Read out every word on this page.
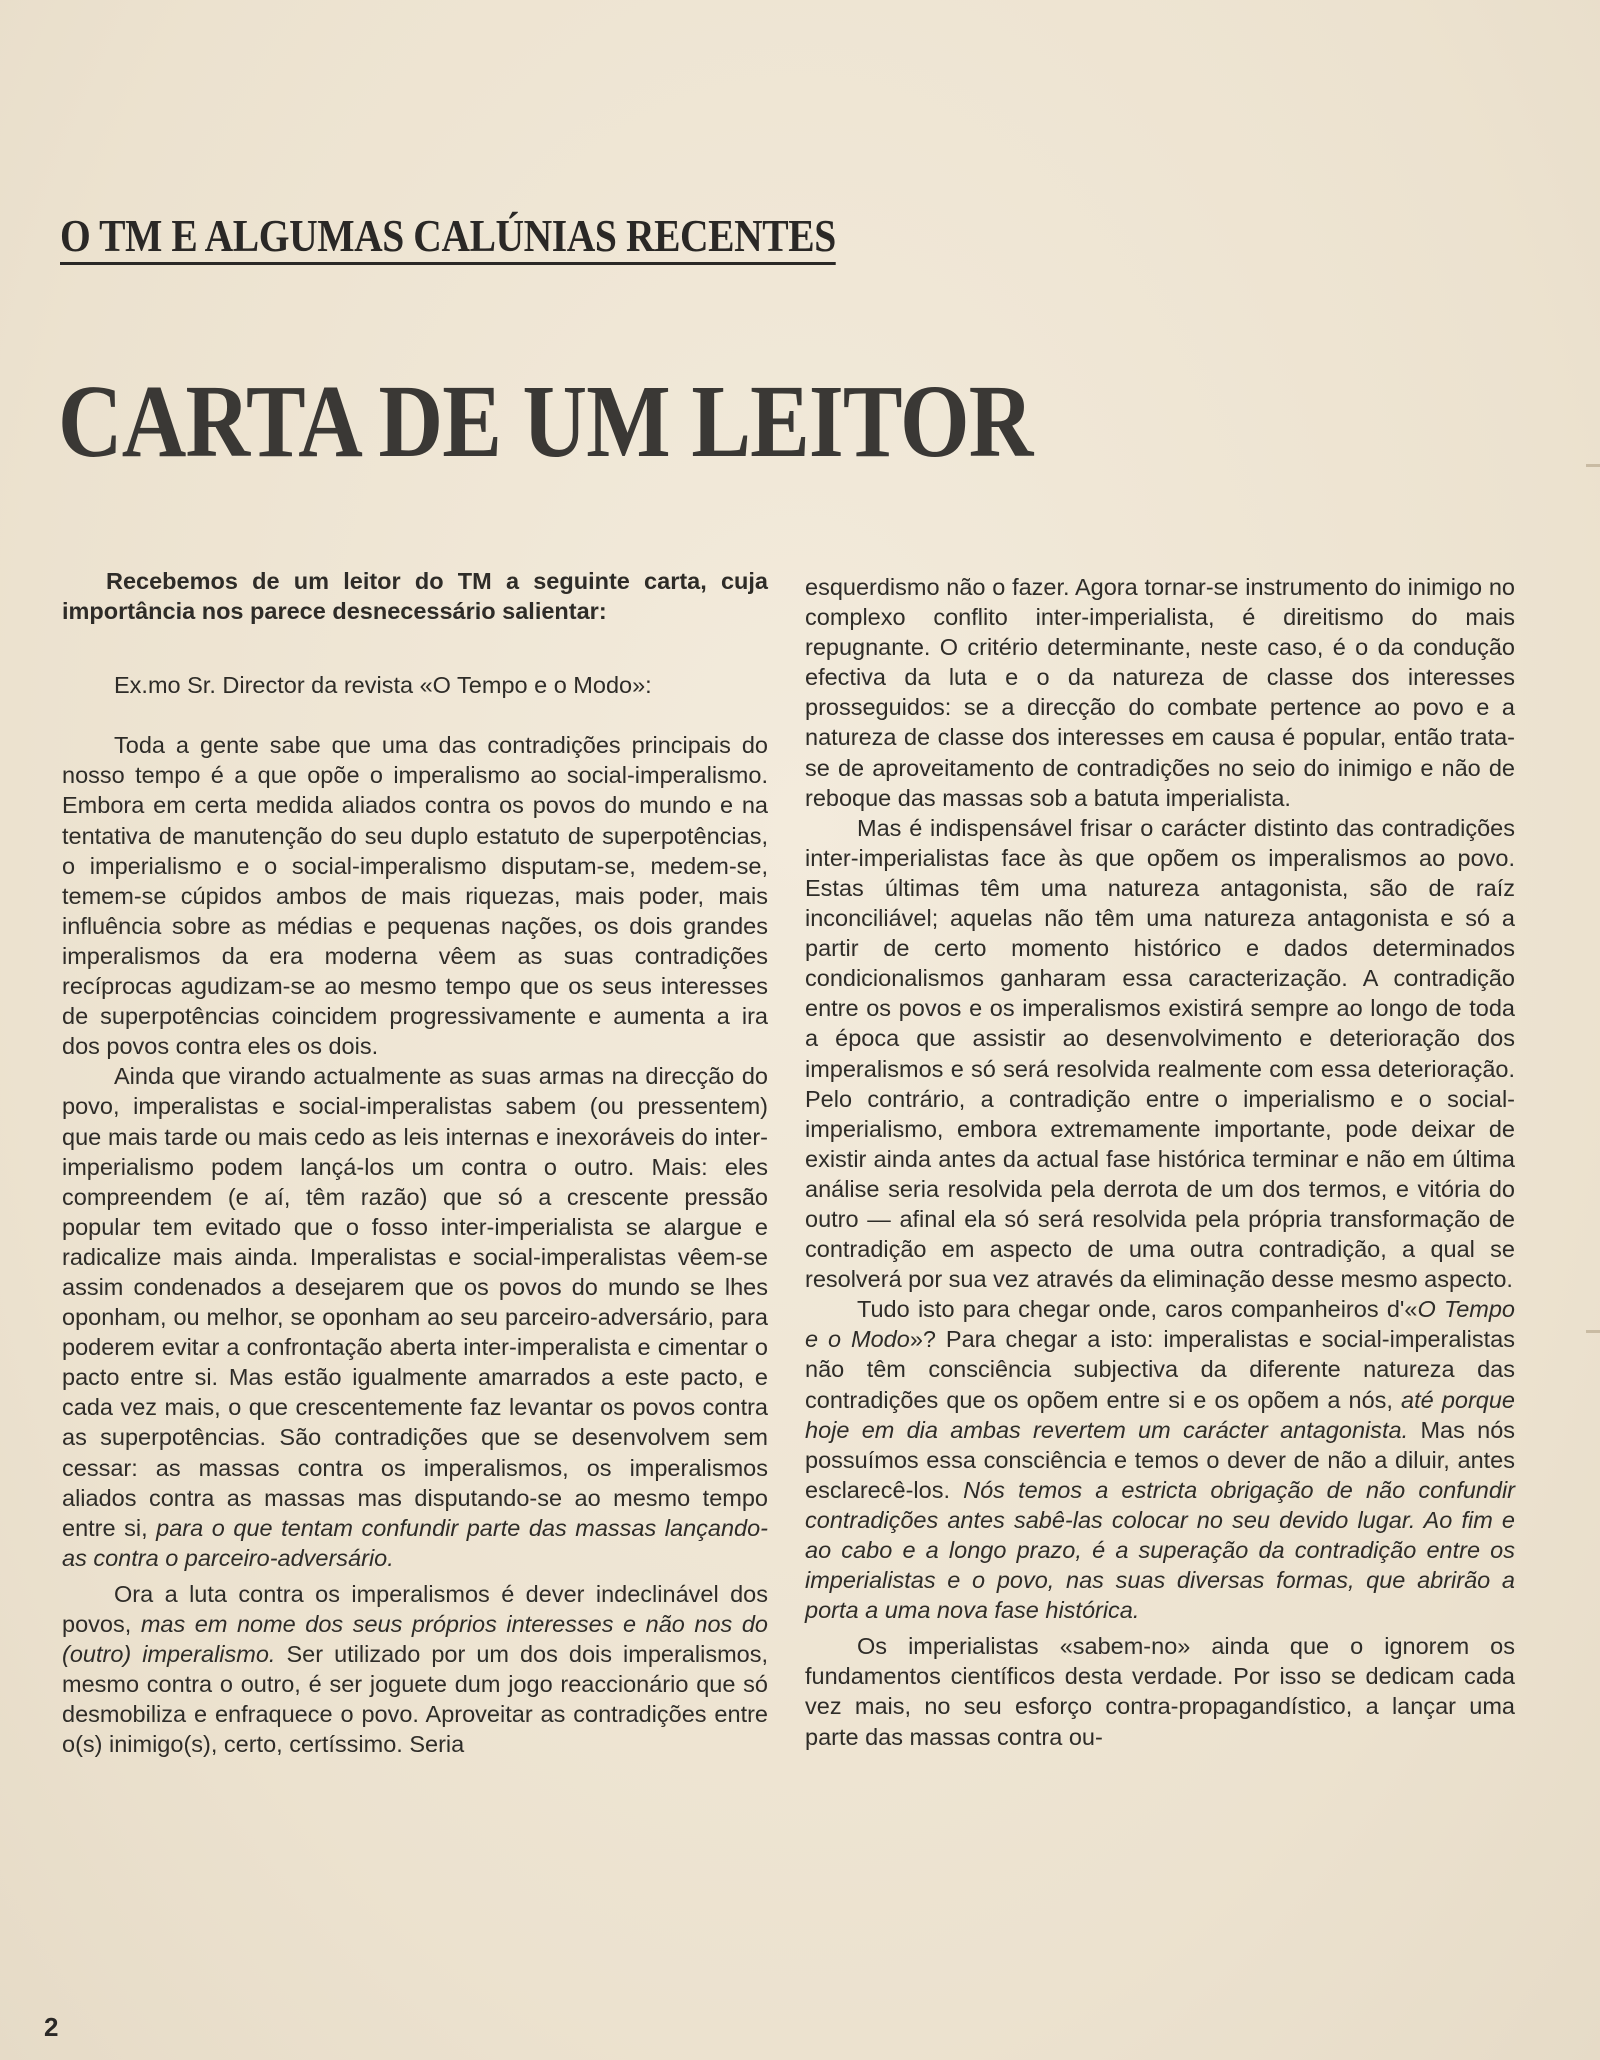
O TM E ALGUMAS CALÚNIAS RECENTES
CARTA DE UM LEITOR

Recebemos de um leitor do TM a seguinte carta, cuja importância nos parece desnecessário salientar:

Ex.mo Sr. Director da revista «O Tempo e o Modo»:

Toda a gente sabe que uma das contradições principais do nosso tempo é a que opõe o imperalismo ao social-imperalismo. Embora em certa medida aliados contra os povos do mundo e na tentativa de manutenção do seu duplo estatuto de superpotências, o imperialismo e o social-imperalismo disputam-se, medem-se, temem-se cúpidos ambos de mais riquezas, mais poder, mais influência sobre as médias e pequenas nações, os dois grandes imperalismos da era moderna vêem as suas contradições recíprocas agudizam-se ao mesmo tempo que os seus interesses de superpotências coincidem progressivamente e aumenta a ira dos povos contra eles os dois.

Ainda que virando actualmente as suas armas na direcção do povo, imperalistas e social-imperalistas sabem (ou pressentem) que mais tarde ou mais cedo as leis internas e inexoráveis do inter-imperialismo podem lançá-los um contra o outro. Mais: eles compreendem (e aí, têm razão) que só a crescente pressão popular tem evitado que o fosso inter-imperialista se alargue e radicalize mais ainda. Imperalistas e social-imperalistas vêem-se assim condenados a desejarem que os povos do mundo se lhes oponham, ou melhor, se oponham ao seu parceiro-adversário, para poderem evitar a confrontação aberta inter-imperalista e cimentar o pacto entre si. Mas estão igualmente amarrados a este pacto, e cada vez mais, o que crescentemente faz levantar os povos contra as superpotências. São contradições que se desenvolvem sem cessar: as massas contra os imperalismos, os imperalismos aliados contra as massas mas disputando-se ao mesmo tempo entre si, para o que tentam confundir parte das massas lançando-as contra o parceiro-adversário.

Ora a luta contra os imperalismos é dever indeclinável dos povos, mas em nome dos seus próprios interesses e não nos do (outro) imperalismo. Ser utilizado por um dos dois imperalismos, mesmo contra o outro, é ser joguete dum jogo reaccionário que só desmobiliza e enfraquece o povo. Aproveitar as contradições entre o(s) inimigo(s), certo, certíssimo. Seria

esquerdismo não o fazer. Agora tornar-se instrumento do inimigo no complexo conflito inter-imperialista, é direitismo do mais repugnante. O critério determinante, neste caso, é o da condução efectiva da luta e o da natureza de classe dos interesses prosseguidos: se a direcção do combate pertence ao povo e a natureza de classe dos interesses em causa é popular, então trata-se de aproveitamento de contradições no seio do inimigo e não de reboque das massas sob a batuta imperialista.

Mas é indispensável frisar o carácter distinto das contradições inter-imperialistas face às que opõem os imperalismos ao povo. Estas últimas têm uma natureza antagonista, são de raíz inconciliável; aquelas não têm uma natureza antagonista e só a partir de certo momento histórico e dados determinados condicionalismos ganharam essa caracterização. A contradição entre os povos e os imperalismos existirá sempre ao longo de toda a época que assistir ao desenvolvimento e deterioração dos imperalismos e só será resolvida realmente com essa deterioração. Pelo contrário, a contradição entre o imperialismo e o social-imperialismo, embora extremamente importante, pode deixar de existir ainda antes da actual fase histórica terminar e não em última análise seria resolvida pela derrota de um dos termos, e vitória do outro — afinal ela só será resolvida pela própria transformação de contradição em aspecto de uma outra contradição, a qual se resolverá por sua vez através da eliminação desse mesmo aspecto.

Tudo isto para chegar onde, caros companheiros d'«O Tempo e o Modo»? Para chegar a isto: imperalistas e social-imperalistas não têm consciência subjectiva da diferente natureza das contradições que os opõem entre si e os opõem a nós, até porque hoje em dia ambas revertem um carácter antagonista. Mas nós possuímos essa consciência e temos o dever de não a diluir, antes esclarecê-los. Nós temos a estricta obrigação de não confundir contradições antes sabê-las colocar no seu devido lugar. Ao fim e ao cabo e a longo prazo, é a superação da contradição entre os imperialistas e o povo, nas suas diversas formas, que abrirão a porta a uma nova fase histórica.

Os imperialistas «sabem-no» ainda que o ignorem os fundamentos científicos desta verdade. Por isso se dedicam cada vez mais, no seu esforço contra-propagandístico, a lançar uma parte das massas contra ou-

2
